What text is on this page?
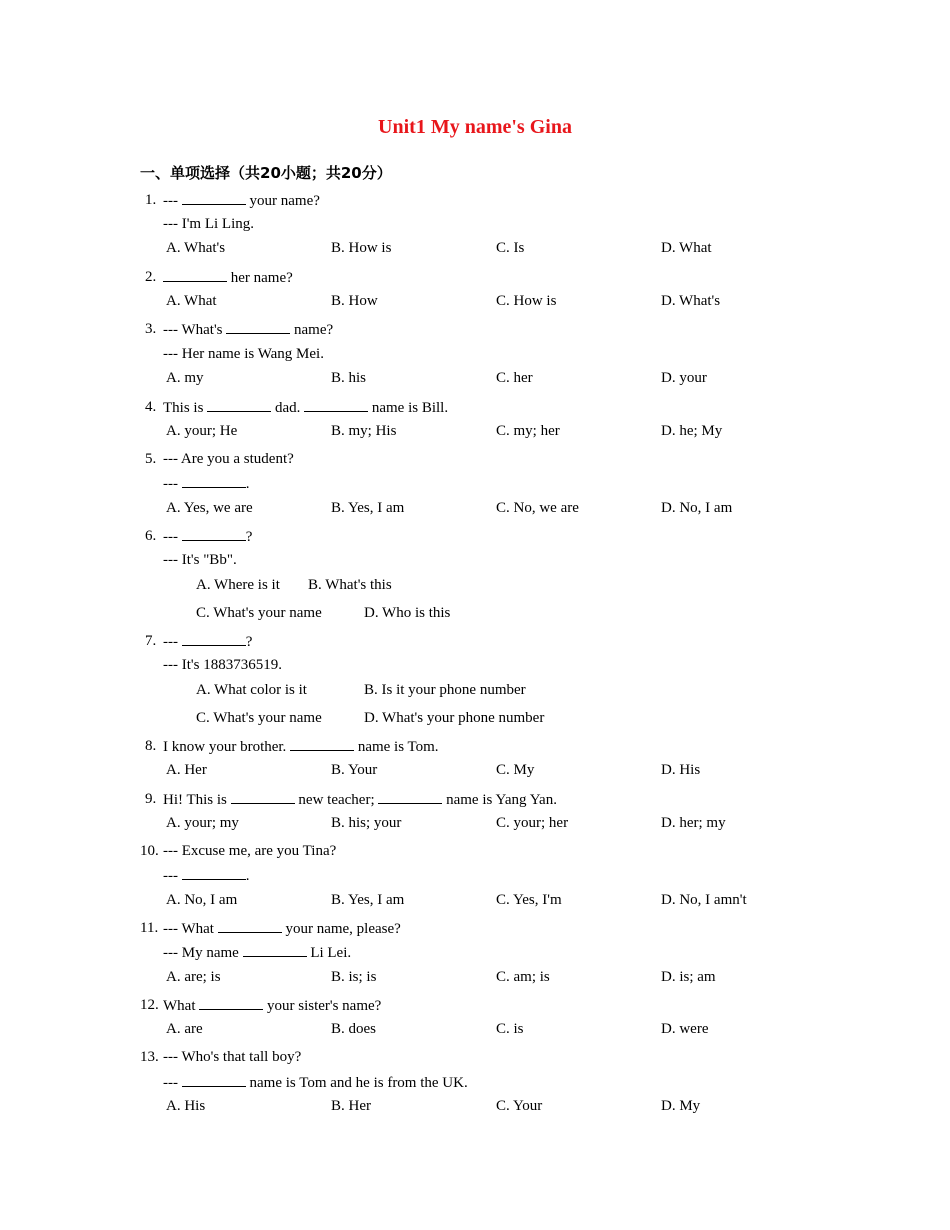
Unit1 My name's Gina
一、单项选择（共20小题；共20分）
1. ---	your name?
--- I'm Li Ling.
A. What's	B. How is	C. Is	D. What
2.	her name?
A. What	B. How	C. How is	D. What's
3. --- What's	name?
--- Her name is Wang Mei.
A. my	B. his	C. her	D. your
4. This is	dad.	name is Bill.
A. your; He	B. my; His	C. my; her	D. he; My
5. --- Are you a student?
---	.
A. Yes, we are	B. Yes, I am	C. No, we are	D. No, I am
6. ---	?
--- It's "Bb".
A. Where is it B. What's this
C. What's your name	D. Who is this
7. ---	?
--- It's 1883736519.
A. What color is it	B. Is it your phone number
C. What's your name	D. What's your phone number
8. I know your brother.	name is Tom.
A. Her	B. Your	C. My	D. His
9. Hi! This is	new teacher;	name is Yang Yan.
A. your; my	B. his; your	C. your; her	D. her; my
10. --- Excuse me, are you Tina?
---	.
A. No, I am	B. Yes, I am	C. Yes, I'm	D. No, I amn't
11. --- What	your name, please?
--- My name	Li Lei.
A. are; is	B. is; is	C. am; is	D. is; am
12. What	your sister's name?
A. are	B. does	C. is	D. were
13. --- Who's that tall boy?
---	name is Tom and he is from the UK.
A. His	B. Her	C. Your	D. My
